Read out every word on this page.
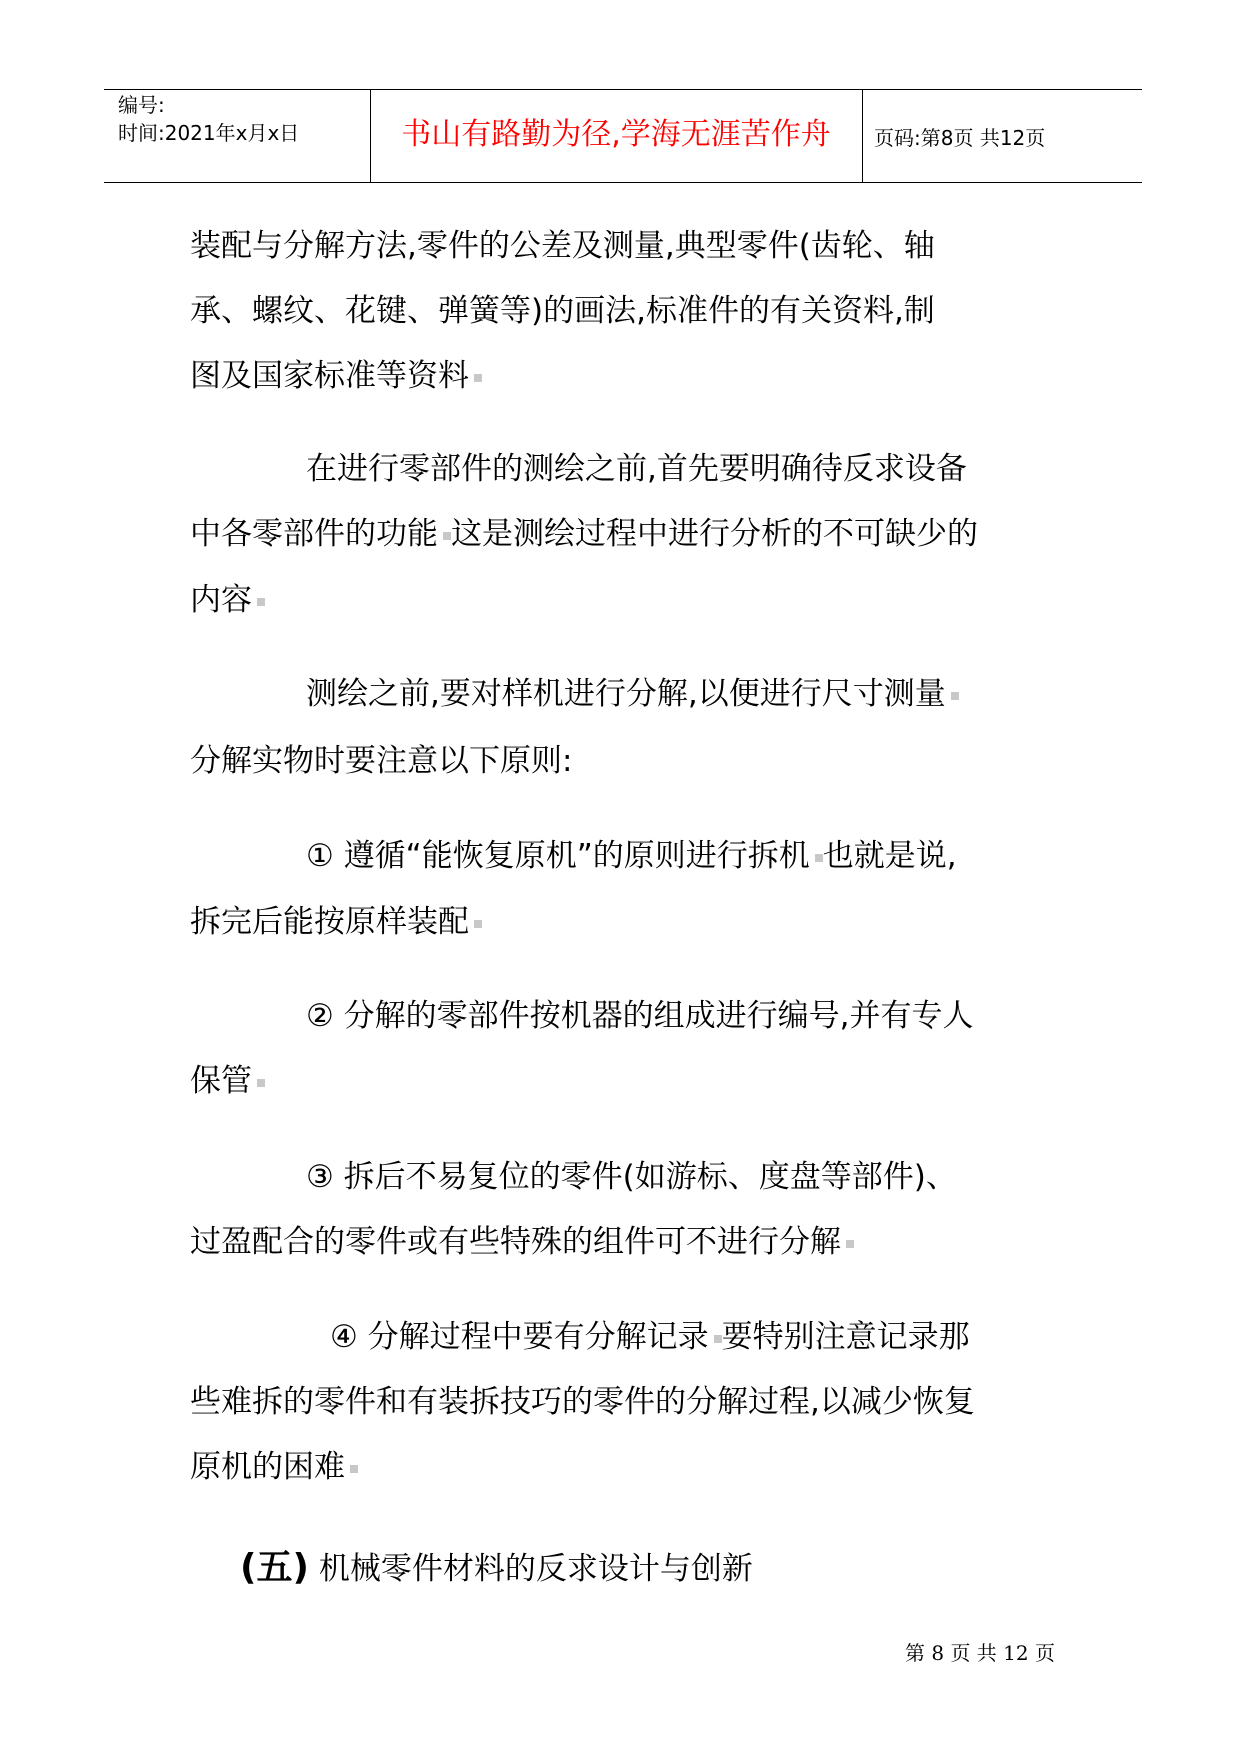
编号:
时间:2021年x月x日	书山有路勤为径,学海无涯苦作舟	页码:第8页 共12页
装配与分解方法,零件的公差及测量,典型零件(齿轮、轴
承、螺纹、花键、弹簧等)的画法,标准件的有关资料,制
图及国家标准等资料
在进行零部件的测绘之前,首先要明确待反求设备
中各零部件的功能 这是测绘过程中进行分析的不可缺少的
内容
测绘之前,要对样机进行分解,以便进行尺寸测量
分解实物时要注意以下原则:
① 遵循“能恢复原机”的原则进行拆机 也就是说,
拆完后能按原样装配
② 分解的零部件按机器的组成进行编号,并有专人
保管
③ 拆后不易复位的零件(如游标、度盘等部件)、
过盈配合的零件或有些特殊的组件可不进行分解
④ 分解过程中要有分解记录 要特别注意记录那
些难拆的零件和有装拆技巧的零件的分解过程,以减少恢复
原机的困难
(五) 机械零件材料的反求设计与创新
第 8 页 共 12 页
